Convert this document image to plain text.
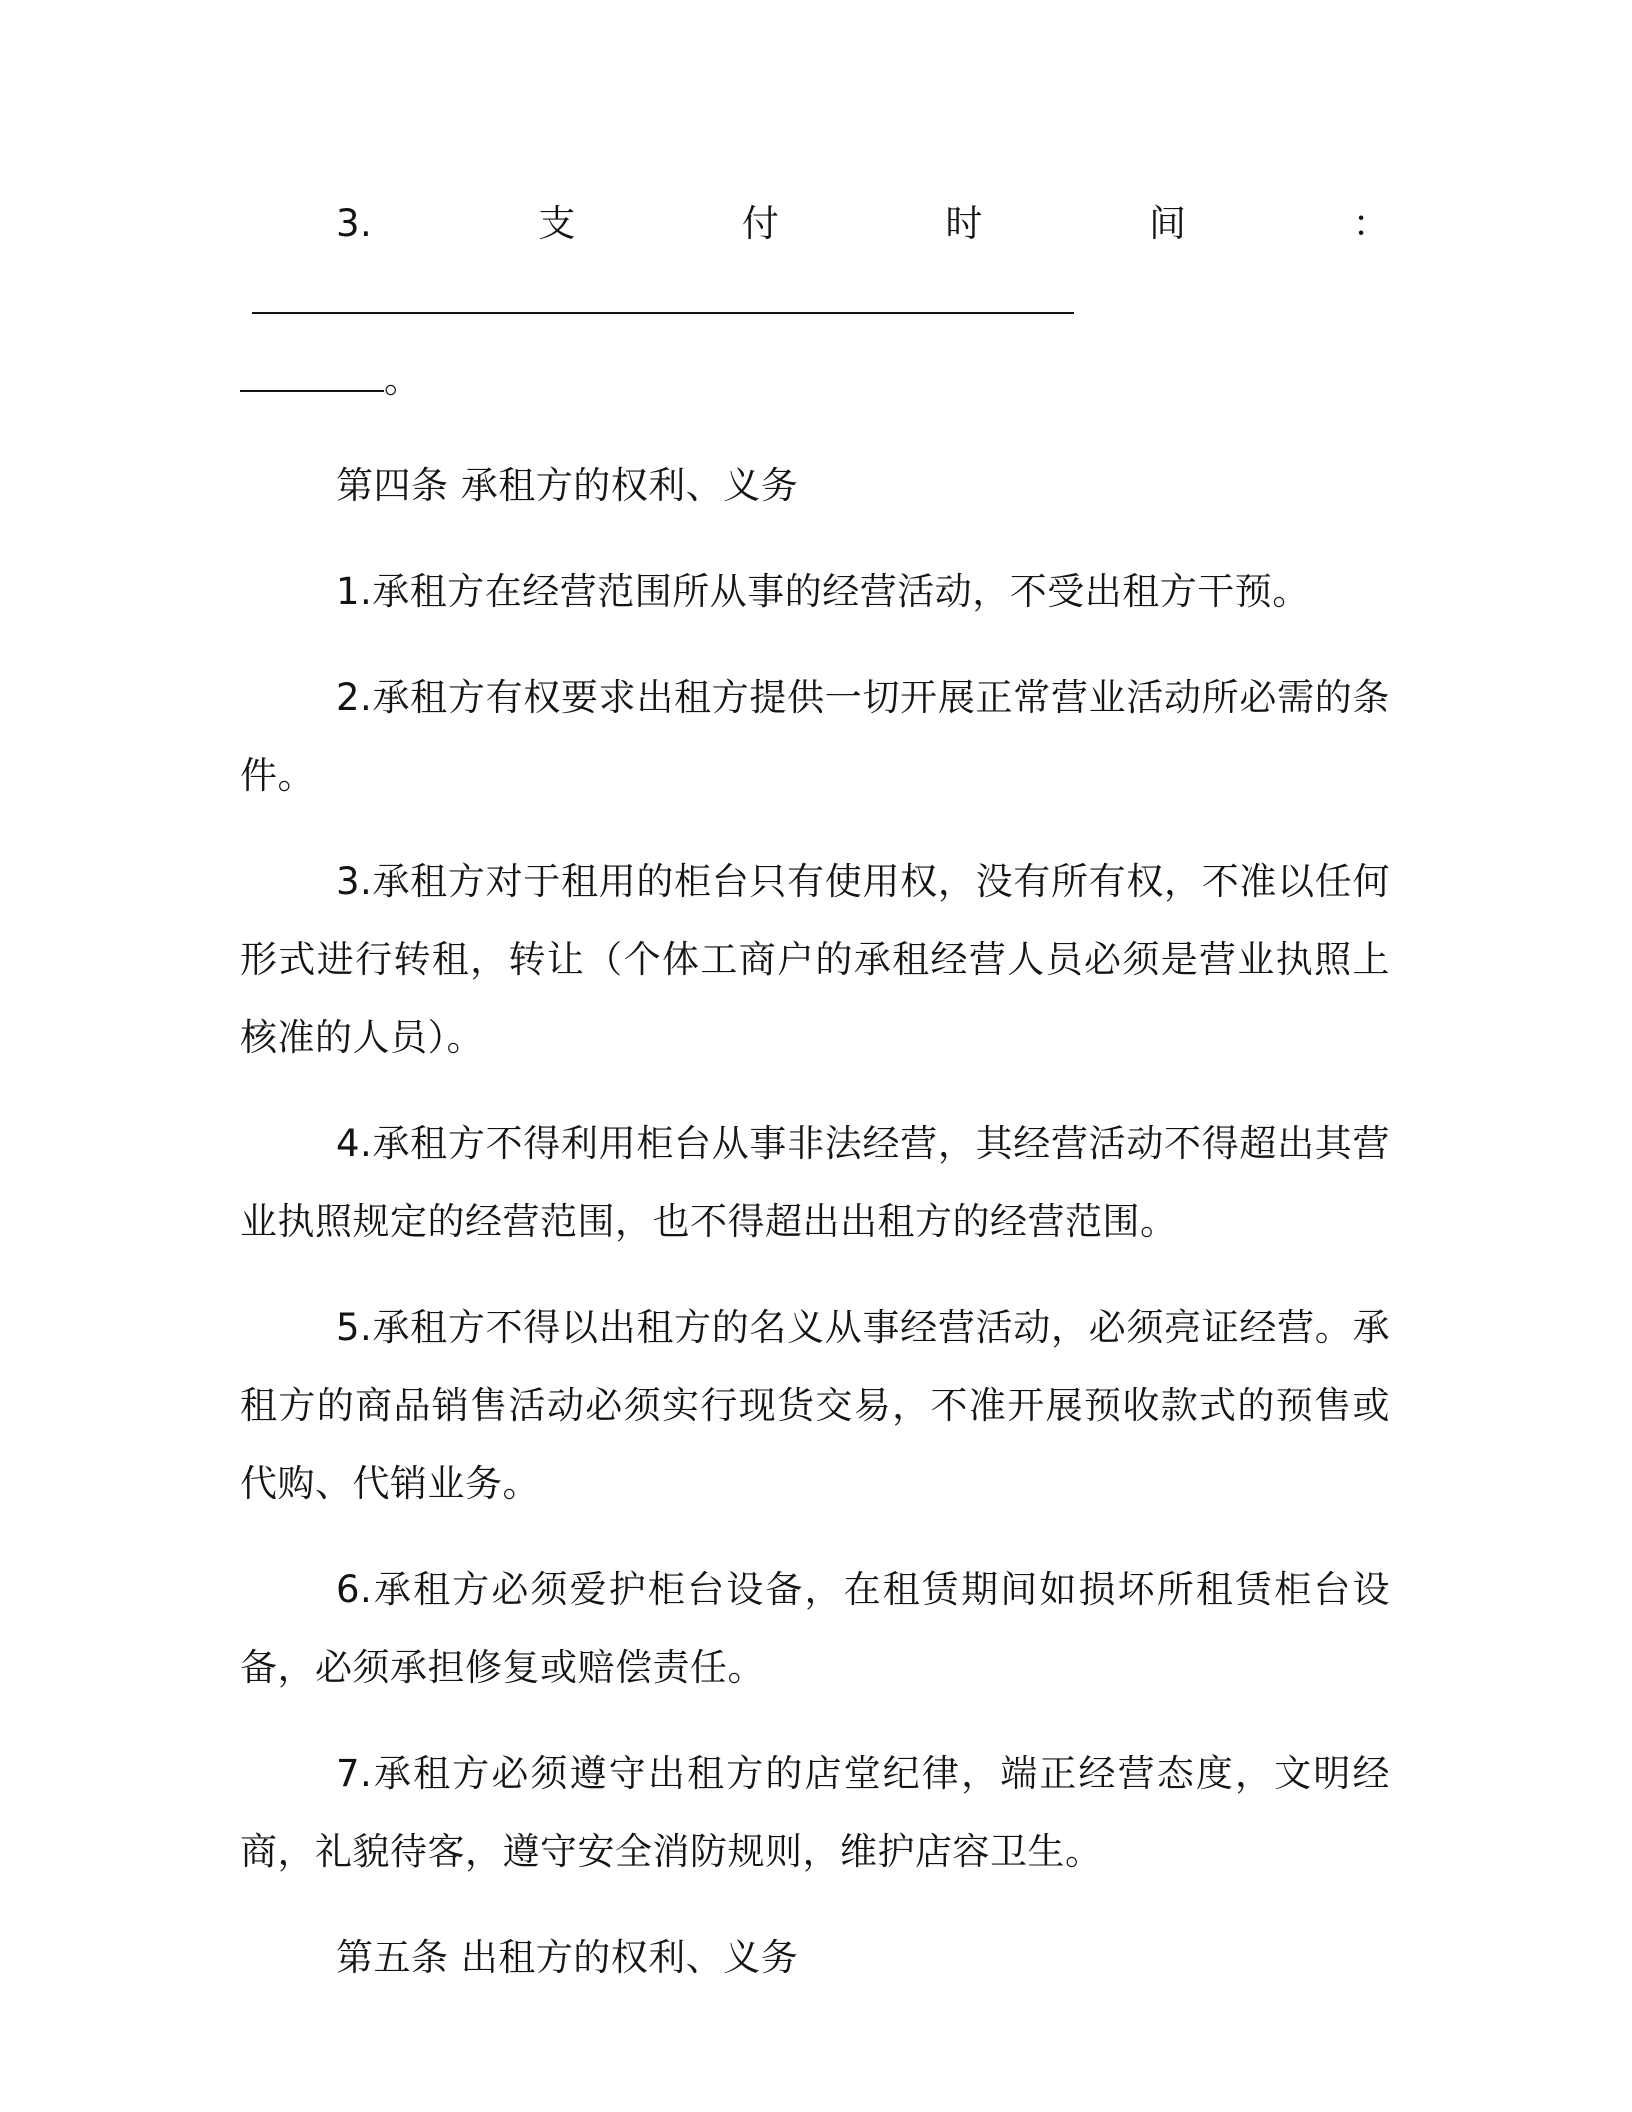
3.支付时间：
。

第四条 承租方的权利、义务

1.承租方在经营范围所从事的经营活动，不受出租方干预。

2.承租方有权要求出租方提供一切开展正常营业活动所必需的条件。

3.承租方对于租用的柜台只有使用权，没有所有权，不准以任何形式进行转租，转让（个体工商户的承租经营人员必须是营业执照上核准的人员）。

4.承租方不得利用柜台从事非法经营，其经营活动不得超出其营业执照规定的经营范围，也不得超出出租方的经营范围。

5.承租方不得以出租方的名义从事经营活动，必须亮证经营。承租方的商品销售活动必须实行现货交易，不准开展预收款式的预售或代购、代销业务。

6.承租方必须爱护柜台设备，在租赁期间如损坏所租赁柜台设备，必须承担修复或赔偿责任。

7.承租方必须遵守出租方的店堂纪律，端正经营态度，文明经商，礼貌待客，遵守安全消防规则，维护店容卫生。

第五条 出租方的权利、义务
